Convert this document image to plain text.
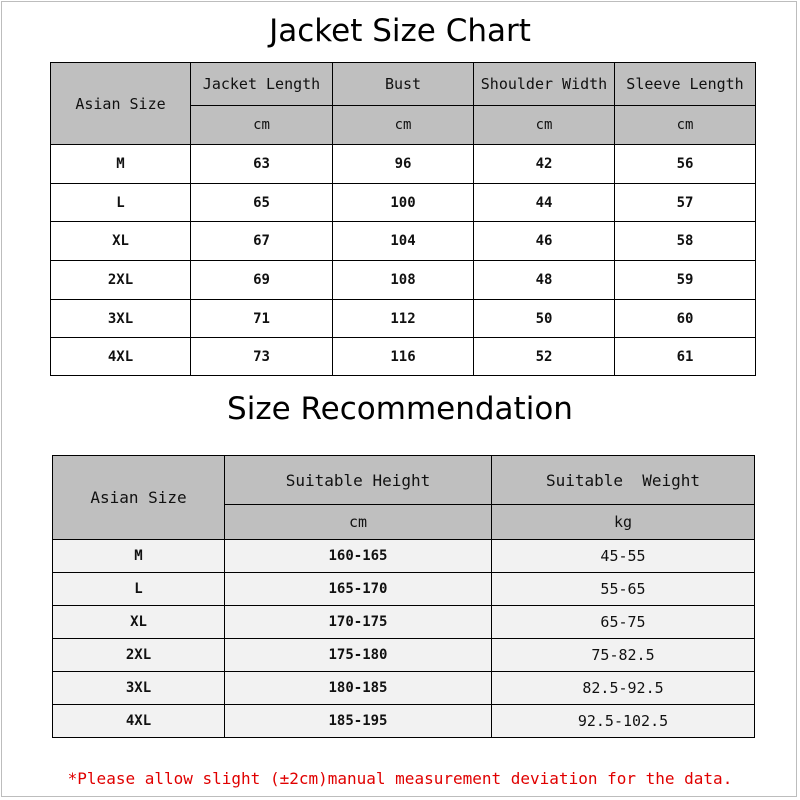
Jacket Size Chart
Asian Size	Jacket Length	Bust	Shoulder Width	Sleeve Length
	cm	cm	cm	cm
M	63	96	42	56
L	65	100	44	57
XL	67	104	46	58
2XL	69	108	48	59
3XL	71	112	50	60
4XL	73	116	52	61
Size Recommendation
Asian Size	Suitable Height	Suitable  Weight
	cm	kg
M	160-165	45-55
L	165-170	55-65
XL	170-175	65-75
2XL	175-180	75-82.5
3XL	180-185	82.5-92.5
4XL	185-195	92.5-102.5
*Please allow slight (±2cm)manual measurement deviation for the data.
